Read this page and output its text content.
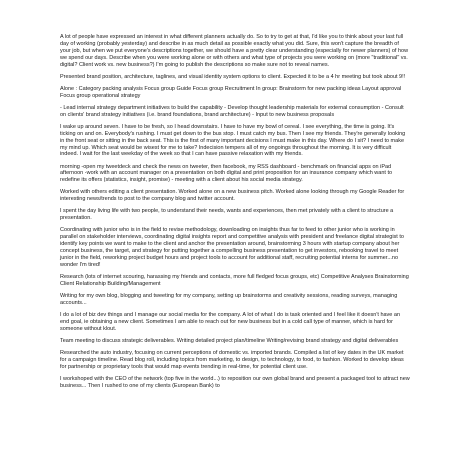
A lot of people have expressed an interest in what different planners actually do. So to try to get at that, I'd like you to think about your last full day of working (probably yesterday) and describe in as much detail as possible exactly what you did. Sure, this won't capture the breadth of your job, but when we put everyone's descriptions together, we should have a pretty clear understanding (especially for newer planners) of how we spend our days. Describe when you were working alone or with others and what type of projects you were working on (more "traditional" vs. digital? Client work vs. new business?) I'm going to publish the descriptions so make sure not to reveal names.

Presented brand position, architecture, taglines, and visual identity system options to client. Expected it to be a 4 hr meeting but took about 9!!

Alone : Category packing analysis Focus group Guide Focus group Recruitment In group: Brainstorm for new packing ideas Layout approval Focus group operational strategy

- Lead internal strategy department initiatives to build the capability - Develop thought leadership materials for external consumption - Consult on clients' brand strategy initiatives (i.e. brand foundations, brand architecture) - Input to new business proposals

I wake up around seven. I have to be fresh, so I head downstairs. I have to have my bowl of cereal. I see everything, the time is going. It's ticking on and on. Everybody's rushing. I must get down to the bus stop. I must catch my bus. Then I see my friends. They're generally looking in the front seat or sitting in the back seat. This is the first of many important decisions I must make in this day. Where do I sit? I need to make my mind up. Which seat would be wisest for me to take? Indecision tempers all of my ongoings throughout the morning. It is very difficult indeed. I wait for the last weekday of the week so that I can have passive relaxation with my friends.

morning -open my tweetdeck and check the news on tweeter, then facebook, my RSS dashboard - benchmark on financial apps on iPad afternoon -work with an account manager on a presentation on both digital and print proposition for an insurance company which want to redefine its offers (statistics, insight, promise) - meeting with a client about his social media strategy.

Worked with others editing a client presentation. Worked alone on a new business pitch. Worked alone looking through my Google Reader for interesting news/trends to post to the company blog and twitter account.

I spent the day living life with two people, to understand their needs, wants and experiences, then met privately with a client to structure a presentation.

Coordinating with junior who is in the field to revise methodology, downloading on insights thus far to feed to other junior who is working in parallel on stakeholder interviews, coordinating digital insights report and competitive analysis with president and freelance digital strategist to identify key points we want to make to the client and anchor the presentation around, brainstorming 3 hours with startup company about her concept business, the target, and strategy for putting together a compelling business presentation to get investors, rebooking travel to meet junior in the field, reworking project budget hours and project tools to account for additional staff, recruiting potential interns for summer...no wonder I'm tired!

Research (lots of internet scouring, harassing my friends and contacts, more full fledged focus groups, etc) Competitive Analyses Brainstorming Client Relationship Building/Management

Writing for my own blog, blogging and tweeting for my company, setting up brainstorms and creativity sessions, reading surveys, managing accounts...

I do a lot of biz dev things and I manage our social media for the company. A lot of what I do is task oriented and I feel like it doesn't have an end goal, ie obtaining a new client. Sometimes I am able to reach out for new business but in a cold call type of manner, which is hard for someone without klout.

Team meeting to discuss strategic deliverables. Writing detailed project plan/timeline Writing/revising brand strategy and digital deliverables

Researched the auto industry, focusing on current perceptions of domestic vs. imported brands. Compiled a list of key dates in the UK market for a campaign timeline. Read blog roll, including topics from marketing, to design, to technology, to food, to fashion. Worked to develop ideas for partnership or proprietary tools that would map events trending in real-time, for potential client use.

I workshoped with the CEO of the network (top five in the world...) to reposition our own global brand and present a packaged tool to attract new business... Then I rushed to one of my clients (European Bank) to
